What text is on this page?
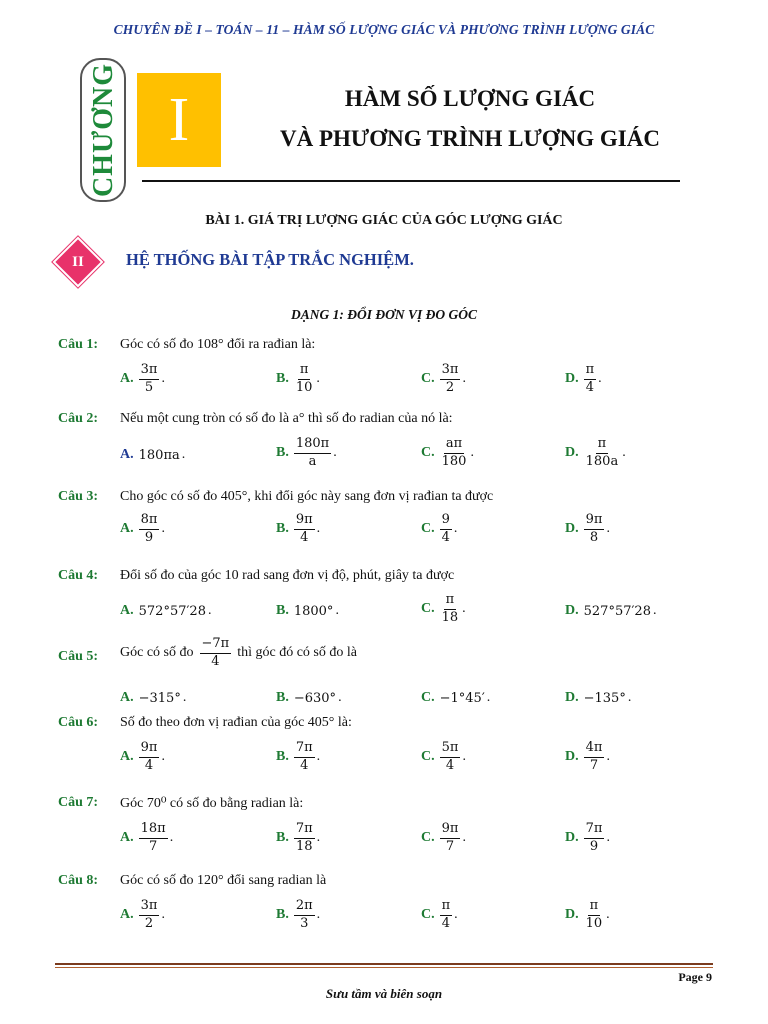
CHUYÊN ĐỀ I – TOÁN – 11 – HÀM SỐ LƯỢNG GIÁC VÀ PHƯƠNG TRÌNH LƯỢNG GIÁC
CHƯƠNG I	HÀM SỐ LƯỢNG GIÁC
VÀ PHƯƠNG TRÌNH LƯỢNG GIÁC
BÀI 1. GIÁ TRỊ LƯỢNG GIÁC CỦA GÓC LƯỢNG GIÁC
II	HỆ THỐNG BÀI TẬP TRẮC NGHIỆM.
DẠNG 1: ĐỔI ĐƠN VỊ ĐO GÓC
Câu 1: Góc có số đo 108° đổi ra rađian là:
A. $\frac{3\pi}{5}$ .	B. $\frac{\pi}{10}$ .	C. $\frac{3\pi}{2}$ .	D. $\frac{\pi}{4}$ .
Câu 2: Nếu một cung tròn có số đo là a° thì số đo radian của nó là:
A. 180πa .	B. $\frac{180\pi}{a}$ .	C. $\frac{a\pi}{180}$ .	D. $\frac{\pi}{180a}$ .
Câu 3: Cho góc có số đo 405°, khi đổi góc này sang đơn vị rađian ta được
A. $\frac{8\pi}{9}$ .	B. $\frac{9\pi}{4}$ .	C. $\frac{9}{4}$ .	D. $\frac{9\pi}{8}$ .
Câu 4: Đổi số đo của góc 10 rad sang đơn vị độ, phút, giây ta được
A. 572°57′28 .	B. 1800° .	C. $\frac{\pi}{18}$ .	D. 527°57′28 .
Câu 5: Góc có số đo $\frac{-7\pi}{4}$ thì góc đó có số đo là
A. −315° .	B. −630° .	C. −1°45′ .	D. −135° .
Câu 6: Số đo theo đơn vị rađian của góc 405° là:
A. $\frac{9\pi}{4}$ .	B. $\frac{7\pi}{4}$ .	C. $\frac{5\pi}{4}$ .	D. $\frac{4\pi}{7}$ .
Câu 7: Góc 70⁰ có số đo bằng radian là:
A. $\frac{18\pi}{7}$ .	B. $\frac{7\pi}{18}$ .	C. $\frac{9\pi}{7}$ .	D. $\frac{7\pi}{9}$ .
Câu 8: Góc có số đo 120° đổi sang radian là
A. $\frac{3\pi}{2}$ .	B. $\frac{2\pi}{3}$ .	C. $\frac{\pi}{4}$ .	D. $\frac{\pi}{10}$ .
Page 9
Sưu tầm và biên soạn
